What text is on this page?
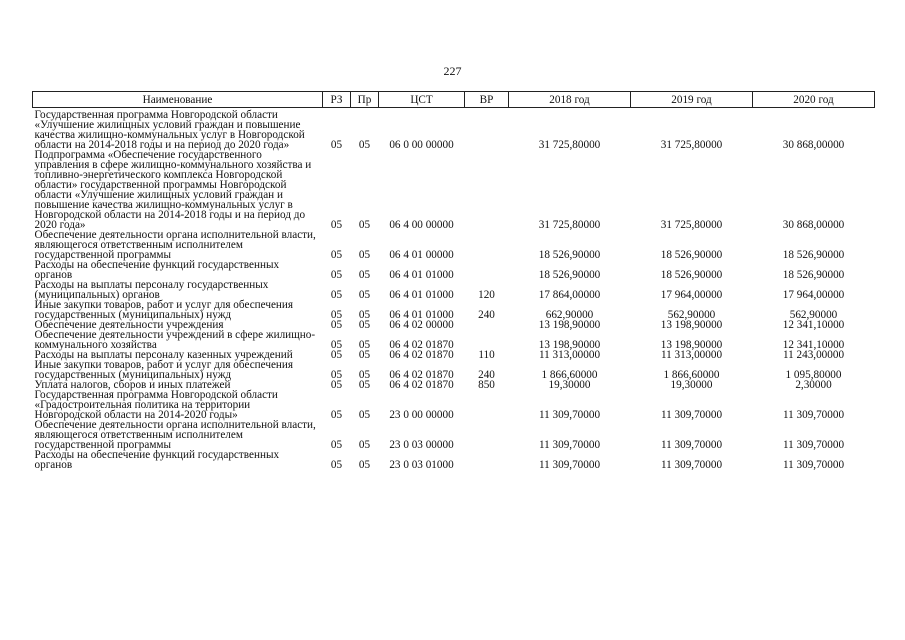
227
Наименование	РЗ	Пр	ЦСТ	ВР	2018 год	2019 год	2020 год
Государственная программа Новгородской области «Улучшение жилищных условий граждан и повышение качества жилищно-коммунальных услуг в Новгородской области на 2014-2018 годы и на период до 2020 года»	05	05	06 0 00 00000		31 725,80000	31 725,80000	30 868,00000
Подпрограмма «Обеспечение государственного управления в сфере жилищно-коммунального хозяйства и топливно-энергетического комплекса Новгородской области» государственной программы Новгородской области «Улучшение жилищных условий граждан и повышение качества жилищно-коммунальных услуг в Новгородской области на 2014-2018 годы и на период до 2020 года»	05	05	06 4 00 00000		31 725,80000	31 725,80000	30 868,00000
Обеспечение деятельности органа исполнительной власти, являющегося ответственным исполнителем государственной программы	05	05	06 4 01 00000		18 526,90000	18 526,90000	18 526,90000
Расходы на обеспечение функций государственных органов	05	05	06 4 01 01000		18 526,90000	18 526,90000	18 526,90000
Расходы на выплаты персоналу государственных (муниципальных) органов	05	05	06 4 01 01000	120	17 864,00000	17 964,00000	17 964,00000
Иные закупки товаров, работ и услуг для обеспечения государственных (муниципальных) нужд	05	05	06 4 01 01000	240	662,90000	562,90000	562,90000
Обеспечение деятельности учреждения	05	05	06 4 02 00000		13 198,90000	13 198,90000	12 341,10000
Обеспечение деятельности учреждений в сфере жилищно-коммунального хозяйства	05	05	06 4 02 01870		13 198,90000	13 198,90000	12 341,10000
Расходы на выплаты персоналу казенных учреждений	05	05	06 4 02 01870	110	11 313,00000	11 313,00000	11 243,00000
Иные закупки товаров, работ и услуг для обеспечения государственных (муниципальных) нужд	05	05	06 4 02 01870	240	1 866,60000	1 866,60000	1 095,80000
Уплата налогов, сборов и иных платежей	05	05	06 4 02 01870	850	19,30000	19,30000	2,30000
Государственная программа Новгородской области «Градостроительная политика на территории Новгородской области на 2014-2020 годы»	05	05	23 0 00 00000		11 309,70000	11 309,70000	11 309,70000
Обеспечение деятельности органа исполнительной власти, являющегося ответственным исполнителем государственной программы	05	05	23 0 03 00000		11 309,70000	11 309,70000	11 309,70000
Расходы на обеспечение функций государственных органов	05	05	23 0 03 01000		11 309,70000	11 309,70000	11 309,70000
